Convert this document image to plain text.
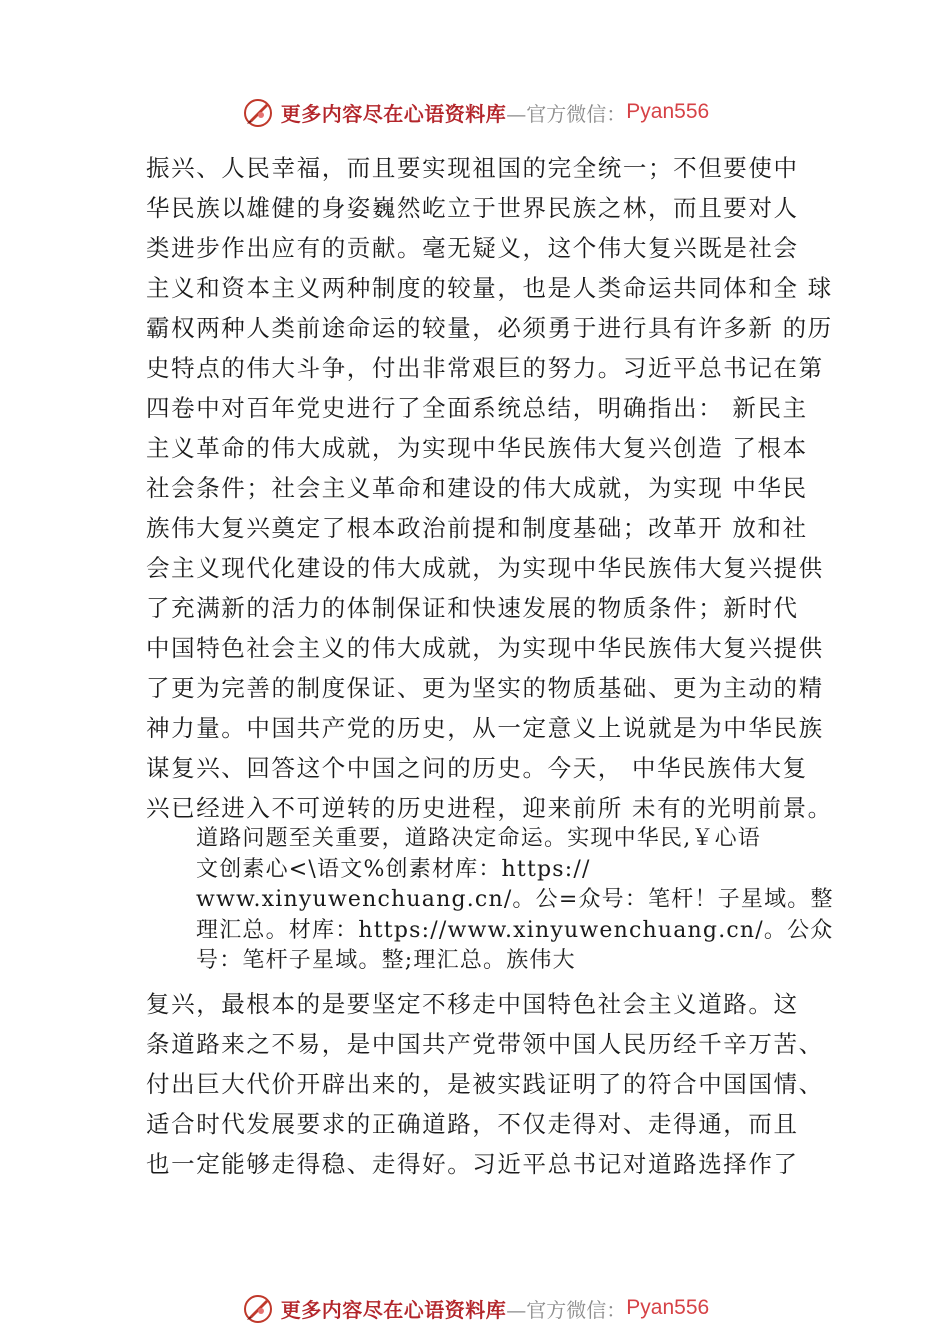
更多内容尽在心语资料库 —官方微信： Pyan556
振兴、人民幸福，而且要实现祖国的完全统一；不但要使中
华民族以雄健的身姿巍然屹立于世界民族之林，而且要对人
类进步作出应有的贡献。毫无疑义，这个伟大复兴既是社会
主义和资本主义两种制度的较量，也是人类命运共同体和全 球
霸权两种人类前途命运的较量，必须勇于进行具有许多新 的历
史特点的伟大斗争，付出非常艰巨的努力。习近平总书记在第
四卷中对百年党史进行了全面系统总结，明确指出： 新民主
主义革命的伟大成就，为实现中华民族伟大复兴创造 了根本
社会条件；社会主义革命和建设的伟大成就，为实现 中华民
族伟大复兴奠定了根本政治前提和制度基础；改革开 放和社
会主义现代化建设的伟大成就，为实现中华民族伟大复兴提供
了充满新的活力的体制保证和快速发展的物质条件；新时代
中国特色社会主义的伟大成就，为实现中华民族伟大复兴提供
了更为完善的制度保证、更为坚实的物质基础、更为主动的精
神力量。中国共产党的历史，从一定意义上说就是为中华民族
谋复兴、回答这个中国之问的历史。今天， 中华民族伟大复
兴已经进入不可逆转的历史进程，迎来前所 未有的光明前景。
道路问题至关重要，道路决定命运。实现中华民,￥心语
文创素心<\语文%创素材库：https://
www.xinyuwenchuang.cn/。公=众号：笔杆！子星域。整
理汇总。材库：https://www.xinyuwenchuang.cn/。公众
号：笔杆子星域。整;理汇总。族伟大
复兴，最根本的是要坚定不移走中国特色社会主义道路。这
条道路来之不易，是中国共产党带领中国人民历经千辛万苦、
付出巨大代价开辟出来的，是被实践证明了的符合中国国情、
适合时代发展要求的正确道路，不仅走得对、走得通，而且
也一定能够走得稳、走得好。习近平总书记对道路选择作了
更多内容尽在心语资料库 —官方微信： Pyan556
